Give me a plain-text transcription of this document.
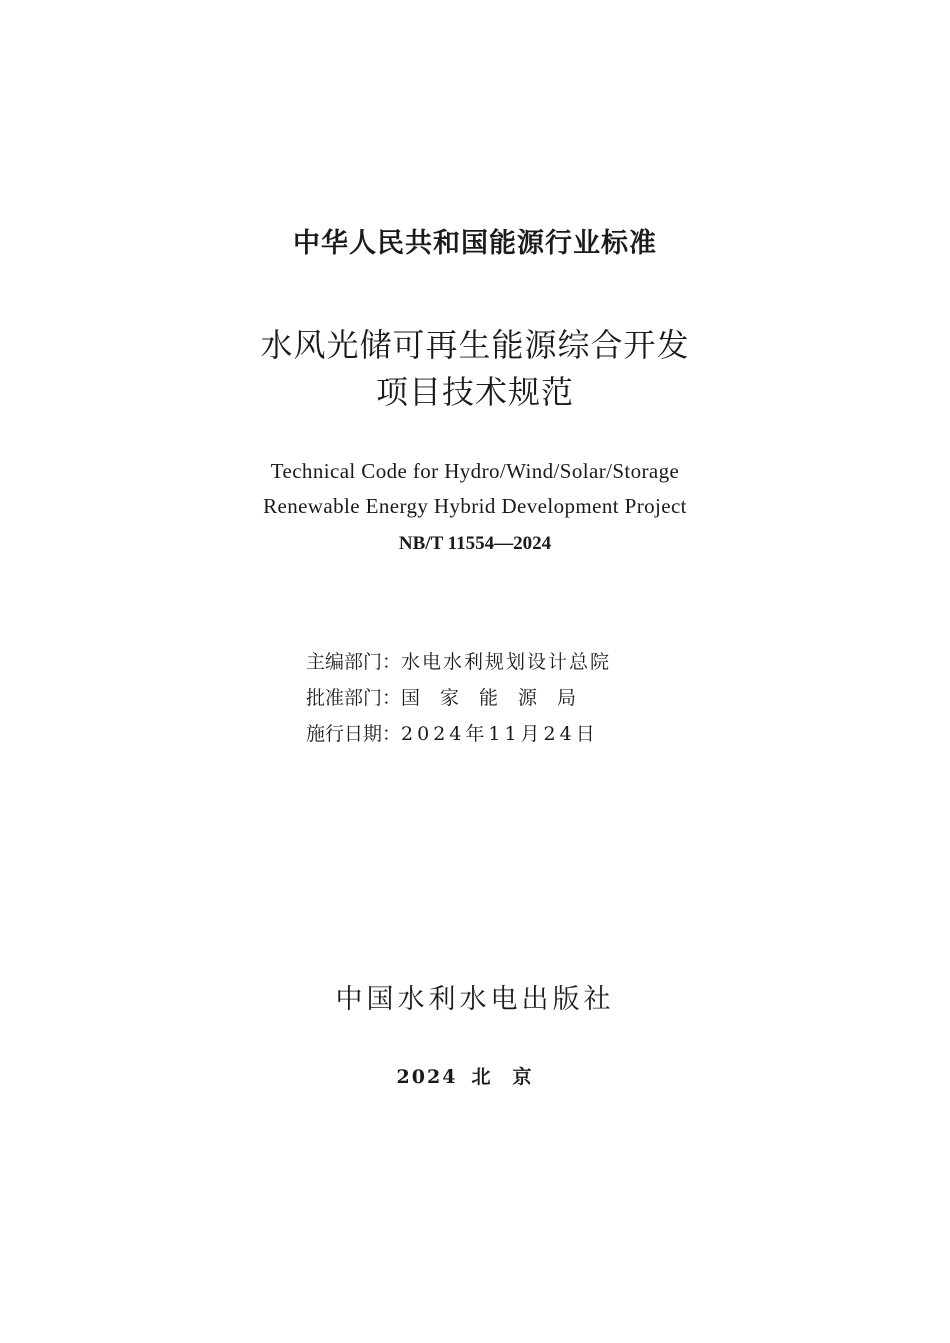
中华人民共和国能源行业标准
水风光储可再生能源综合开发
项目技术规范
Technical Code for Hydro/Wind/Solar/Storage
Renewable Energy Hybrid Development Project
NB/T 11554—2024
主编部门：水电水利规划设计总院
批准部门：国家能源局
施行日期：2024年11月24日
中国水利水电出版社
2024 北京
